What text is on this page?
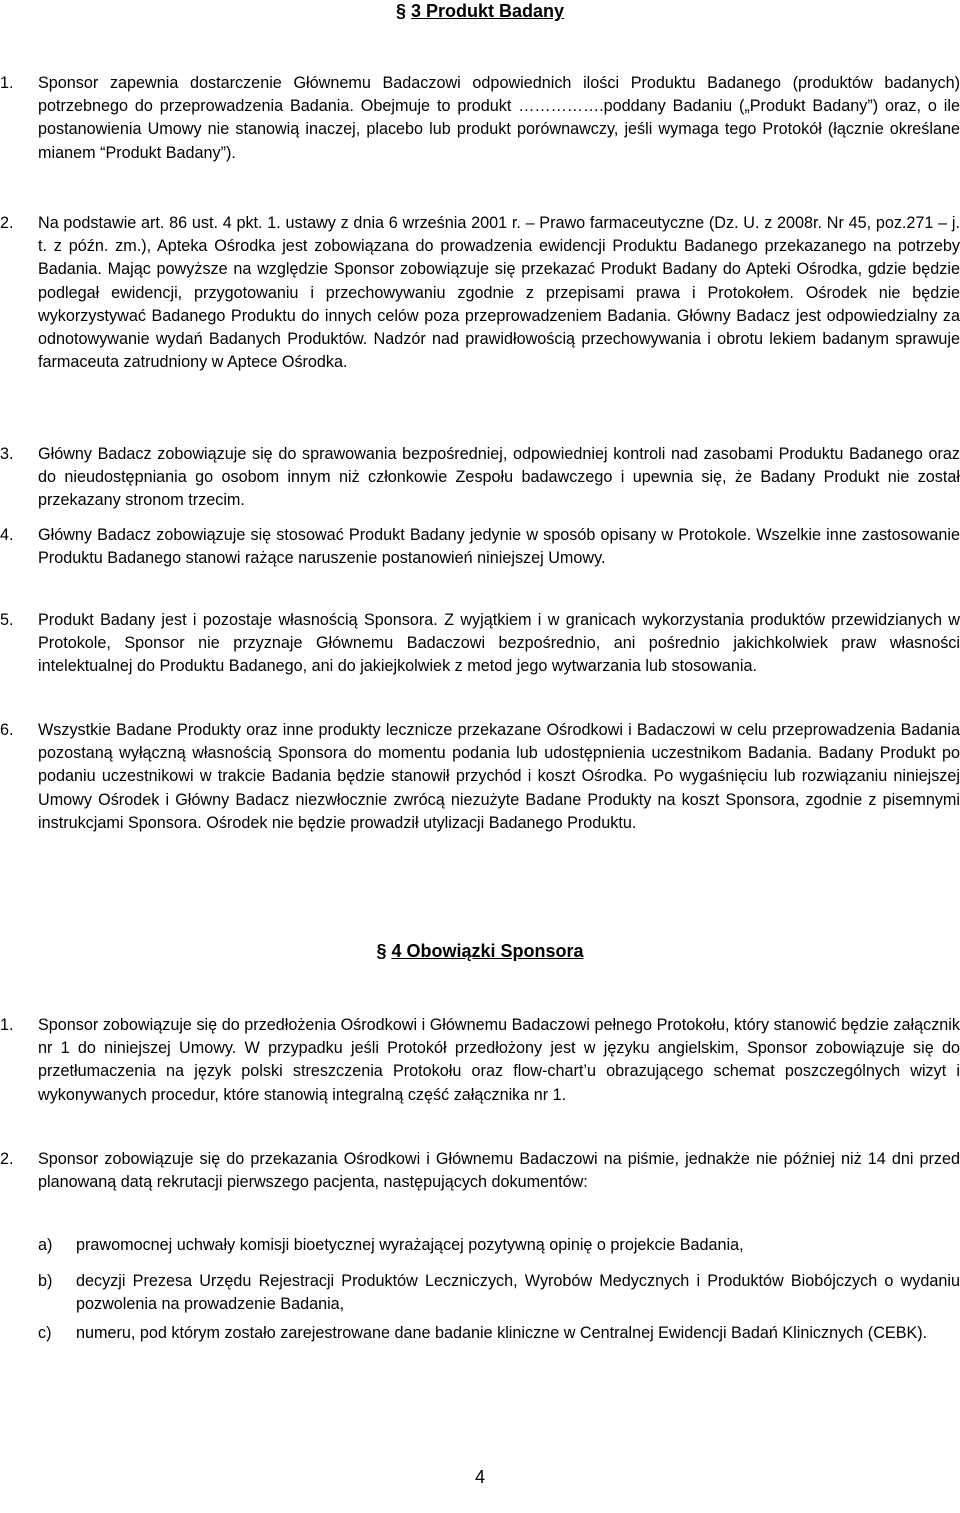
§ 3 Produkt Badany
1. Sponsor zapewnia dostarczenie Głównemu Badaczowi odpowiednich ilości Produktu Badanego (produktów badanych) potrzebnego do przeprowadzenia Badania. Obejmuje to produkt …………….poddany Badaniu („Produkt Badany”) oraz, o ile postanowienia Umowy nie stanowią inaczej, placebo lub produkt porównawczy, jeśli wymaga tego Protokół (łącznie określane mianem “Produkt Badany”).
2. Na podstawie art. 86 ust. 4 pkt. 1. ustawy z dnia 6 września 2001 r. – Prawo farmaceutyczne (Dz. U. z 2008r. Nr 45, poz.271 – j. t. z późn. zm.), Apteka Ośrodka jest zobowiązana do prowadzenia ewidencji Produktu Badanego przekazanego na potrzeby Badania. Mając powyższe na względzie Sponsor zobowiązuje się przekazać Produkt Badany do Apteki Ośrodka, gdzie będzie podlegał ewidencji, przygotowaniu i przechowywaniu zgodnie z przepisami prawa i Protokołem. Ośrodek nie będzie wykorzystywać Badanego Produktu do innych celów poza przeprowadzeniem Badania. Główny Badacz jest odpowiedzialny za odnotowywanie wydań Badanych Produktów. Nadzór nad prawidłowością przechowywania i obrotu lekiem badanym sprawuje farmaceuta zatrudniony w Aptece Ośrodka.
3. Główny Badacz zobowiązuje się do sprawowania bezpośredniej, odpowiedniej kontroli nad zasobami Produktu Badanego oraz do nieudostępniania go osobom innym niż członkowie Zespołu badawczego i upewnia się, że Badany Produkt nie został przekazany stronom trzecim.
4. Główny Badacz zobowiązuje się stosować Produkt Badany jedynie w sposób opisany w Protokole. Wszelkie inne zastosowanie Produktu Badanego stanowi rażące naruszenie postanowień niniejszej Umowy.
5. Produkt Badany jest i pozostaje własnością Sponsora. Z wyjątkiem i w granicach wykorzystania produktów przewidzianych w Protokole, Sponsor nie przyznaje Głównemu Badaczowi bezpośrednio, ani pośrednio jakichkolwiek praw własności intelektualnej do Produktu Badanego, ani do jakiejkolwiek z metod jego wytwarzania lub stosowania.
6. Wszystkie Badane Produkty oraz inne produkty lecznicze przekazane Ośrodkowi i Badaczowi w celu przeprowadzenia Badania pozostaną wyłączną własnością Sponsora do momentu podania lub udostępnienia uczestnikom Badania. Badany Produkt po podaniu uczestnikowi w trakcie Badania będzie stanowił przychód i koszt Ośrodka. Po wygaśnięciu lub rozwiązaniu niniejszej Umowy Ośrodek i Główny Badacz niezwłocznie zwrócą niezużyte Badane Produkty na koszt Sponsora, zgodnie z pisemnymi instrukcjami Sponsora. Ośrodek nie będzie prowadził utylizacji Badanego Produktu.
§ 4 Obowiązki Sponsora
1. Sponsor zobowiązuje się do przedłożenia Ośrodkowi i Głównemu Badaczowi pełnego Protokołu, który stanowić będzie załącznik nr 1 do niniejszej Umowy. W przypadku jeśli Protokół przedłożony jest w języku angielskim, Sponsor zobowiązuje się do przetłumaczenia na język polski streszczenia Protokołu oraz flow-chart’u obrazującego schemat poszczególnych wizyt i wykonywanych procedur, które stanowią integralną część załącznika nr 1.
2. Sponsor zobowiązuje się do przekazania Ośrodkowi i Głównemu Badaczowi na piśmie, jednakże nie później niż 14 dni przed planowaną datą rekrutacji pierwszego pacjenta, następujących dokumentów:
a) prawomocnej uchwały komisji bioetycznej wyrażającej pozytywną opinię o projekcie Badania,
b) decyzji Prezesa Urzędu Rejestracji Produktów Leczniczych, Wyrobów Medycznych i Produktów Biobójczych o wydaniu pozwolenia na prowadzenie Badania,
c) numeru, pod którym zostało zarejestrowane dane badanie kliniczne w Centralnej Ewidencji Badań Klinicznych (CEBK).
4
